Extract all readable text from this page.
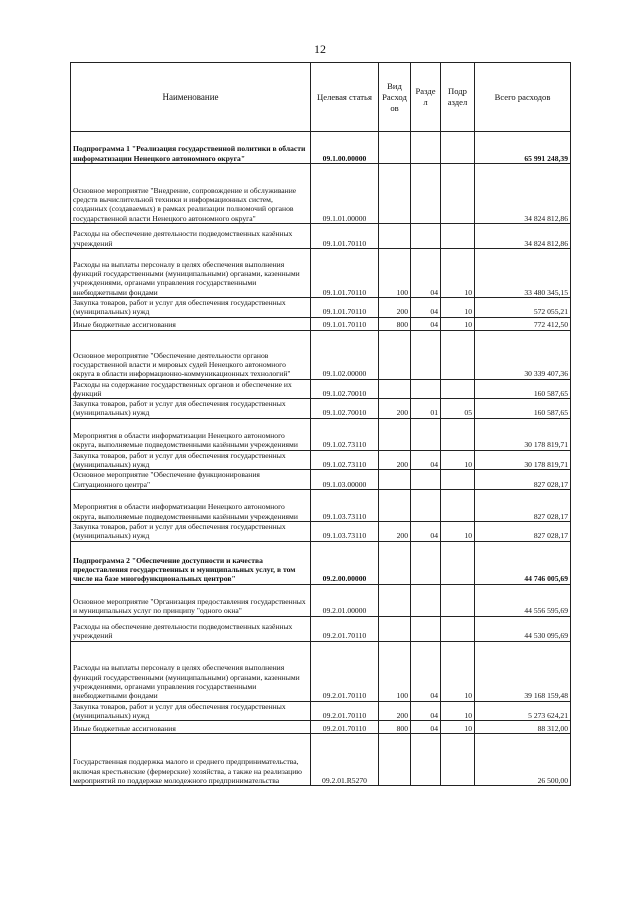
12
Наименование	Целевая статья	Вид Расход ов	Разде л	Подр аздел	Всего расходов
Подпрограмма 1 "Реализация государственной политики в области информатизации Ненецкого автономного округа"	09.1.00.00000				65 991 248,39
Основное мероприятие "Внедрение, сопровождение и обслуживание средств вычислительной техники и информационных систем, созданных (создаваемых) в рамках реализации полномочий органов государственной власти Ненецкого автономного округа"	09.1.01.00000				34 824 812,86
Расходы на обеспечение деятельности подведомственных казённых учреждений	09.1.01.70110				34 824 812,86
Расходы на выплаты персоналу в целях обеспечения выполнения функций государственными (муниципальными) органами, казенными учреждениями, органами управления государственными внебюджетными фондами	09.1.01.70110	100	04	10	33 480 345,15
Закупка товаров, работ и услуг для обеспечения государственных (муниципальных) нужд	09.1.01.70110	200	04	10	572 055,21
Иные бюджетные ассигнования	09.1.01.70110	800	04	10	772 412,50
Основное мероприятие "Обеспечение деятельности органов государственной власти и мировых судей Ненецкого автономного округа в области информационно-коммуникационных технологий"	09.1.02.00000				30 339 407,36
Расходы на содержание государственных органов и обеспечение их функций	09.1.02.70010				160 587,65
Закупка товаров, работ и услуг для обеспечения государственных (муниципальных) нужд	09.1.02.70010	200	01	05	160 587,65
Мероприятия в области информатизации Ненецкого автономного округа, выполняемые подведомственными казёнными учреждениями	09.1.02.73110				30 178 819,71
Закупка товаров, работ и услуг для обеспечения государственных (муниципальных) нужд	09.1.02.73110	200	04	10	30 178 819,71
Основное мероприятие "Обеспечение функционирования Ситуационного центра"	09.1.03.00000				827 028,17
Мероприятия в области информатизации Ненецкого автономного округа, выполняемые подведомственными казёнными учреждениями	09.1.03.73110				827 028,17
Закупка товаров, работ и услуг для обеспечения государственных (муниципальных) нужд	09.1.03.73110	200	04	10	827 028,17
Подпрограмма 2 "Обеспечение доступности и качества предоставления государственных и муниципальных услуг, в том числе на базе многофункциональных центров"	09.2.00.00000				44 746 005,69
Основное мероприятие "Организация предоставления государственных и муниципальных услуг по принципу "одного окна"	09.2.01.00000				44 556 595,69
Расходы на обеспечение деятельности подведомственных казённых учреждений	09.2.01.70110				44 530 095,69
Расходы на выплаты персоналу в целях обеспечения выполнения функций государственными (муниципальными) органами, казенными учреждениями, органами управления государственными внебюджетными фондами	09.2.01.70110	100	04	10	39 168 159,48
Закупка товаров, работ и услуг для обеспечения государственных (муниципальных) нужд	09.2.01.70110	200	04	10	5 273 624,21
Иные бюджетные ассигнования	09.2.01.70110	800	04	10	88 312,00
Государственная поддержка малого и среднего предпринимательства, включая крестьянские (фермерские) хозяйства, а также на реализацию мероприятий по поддержке молодежного предпринимательства	09.2.01.R5270				26 500,00
